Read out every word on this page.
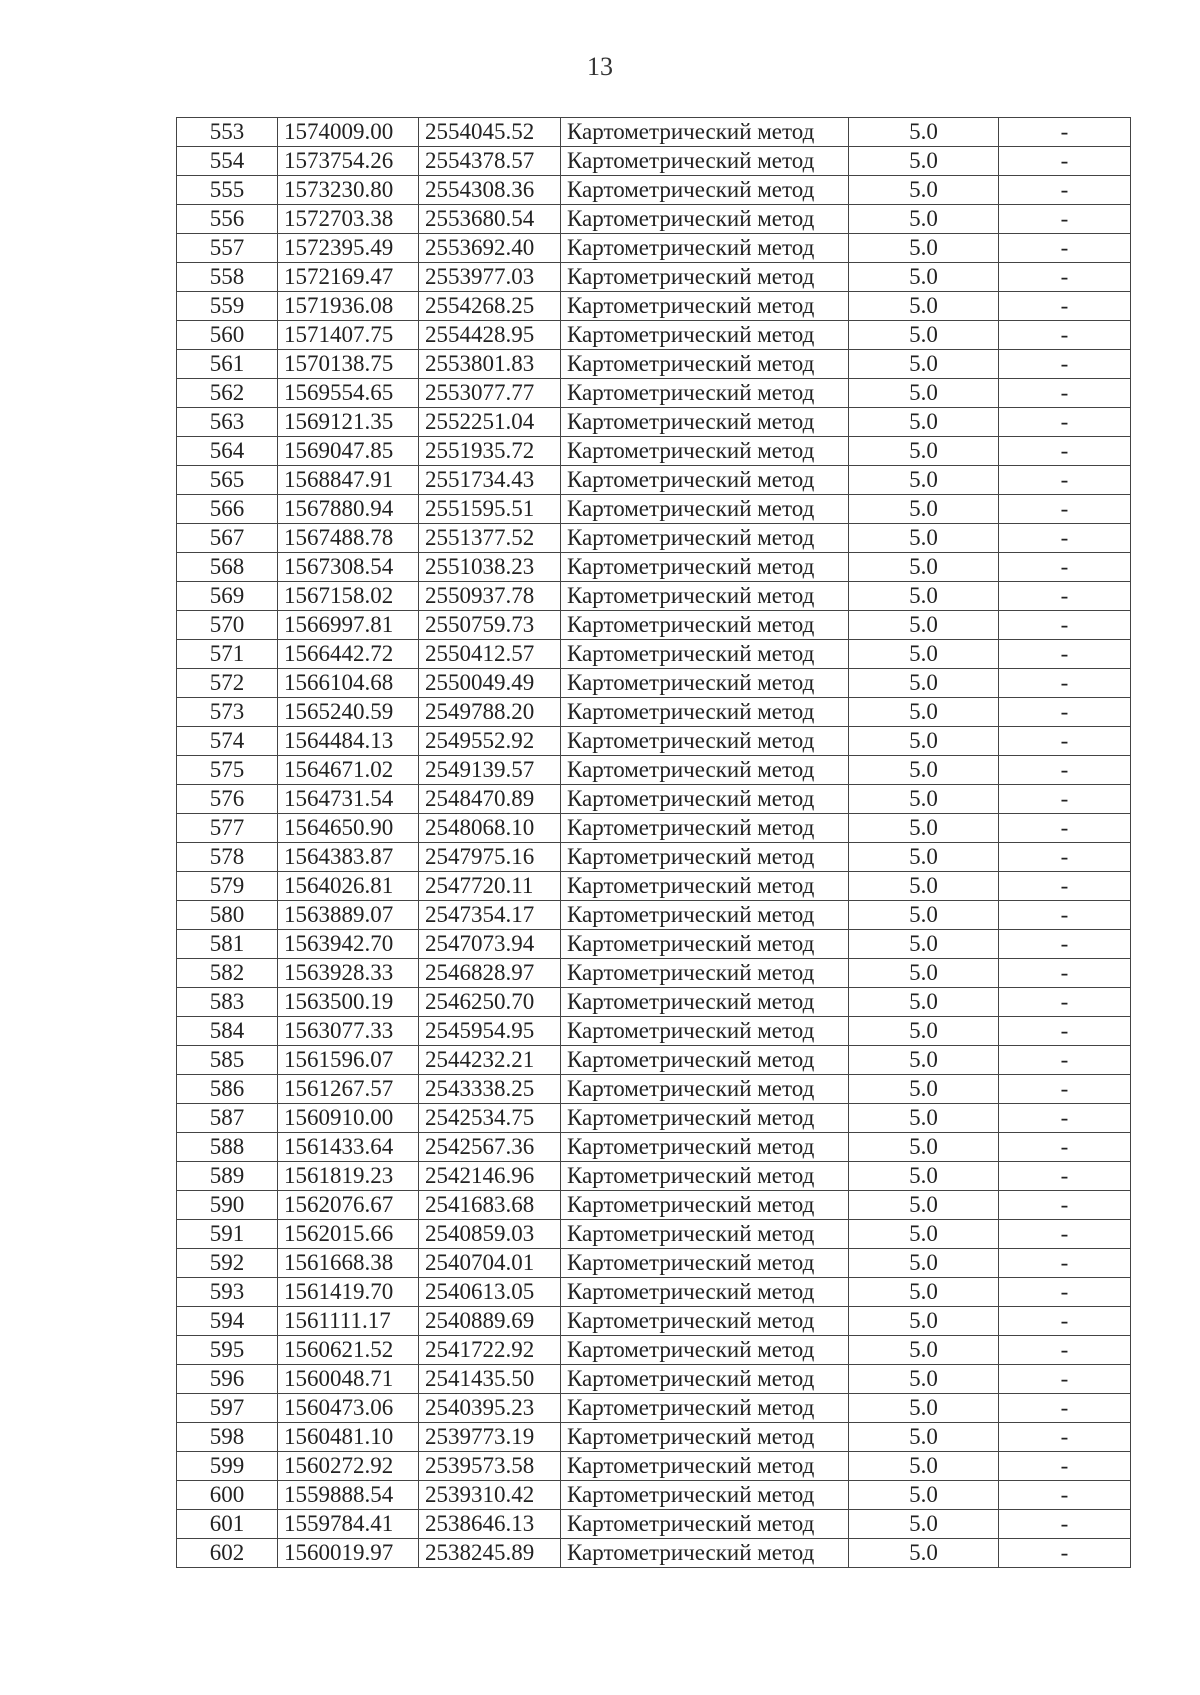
13
553	1574009.00	2554045.52	Картометрический метод	5.0	-
554	1573754.26	2554378.57	Картометрический метод	5.0	-
555	1573230.80	2554308.36	Картометрический метод	5.0	-
556	1572703.38	2553680.54	Картометрический метод	5.0	-
557	1572395.49	2553692.40	Картометрический метод	5.0	-
558	1572169.47	2553977.03	Картометрический метод	5.0	-
559	1571936.08	2554268.25	Картометрический метод	5.0	-
560	1571407.75	2554428.95	Картометрический метод	5.0	-
561	1570138.75	2553801.83	Картометрический метод	5.0	-
562	1569554.65	2553077.77	Картометрический метод	5.0	-
563	1569121.35	2552251.04	Картометрический метод	5.0	-
564	1569047.85	2551935.72	Картометрический метод	5.0	-
565	1568847.91	2551734.43	Картометрический метод	5.0	-
566	1567880.94	2551595.51	Картометрический метод	5.0	-
567	1567488.78	2551377.52	Картометрический метод	5.0	-
568	1567308.54	2551038.23	Картометрический метод	5.0	-
569	1567158.02	2550937.78	Картометрический метод	5.0	-
570	1566997.81	2550759.73	Картометрический метод	5.0	-
571	1566442.72	2550412.57	Картометрический метод	5.0	-
572	1566104.68	2550049.49	Картометрический метод	5.0	-
573	1565240.59	2549788.20	Картометрический метод	5.0	-
574	1564484.13	2549552.92	Картометрический метод	5.0	-
575	1564671.02	2549139.57	Картометрический метод	5.0	-
576	1564731.54	2548470.89	Картометрический метод	5.0	-
577	1564650.90	2548068.10	Картометрический метод	5.0	-
578	1564383.87	2547975.16	Картометрический метод	5.0	-
579	1564026.81	2547720.11	Картометрический метод	5.0	-
580	1563889.07	2547354.17	Картометрический метод	5.0	-
581	1563942.70	2547073.94	Картометрический метод	5.0	-
582	1563928.33	2546828.97	Картометрический метод	5.0	-
583	1563500.19	2546250.70	Картометрический метод	5.0	-
584	1563077.33	2545954.95	Картометрический метод	5.0	-
585	1561596.07	2544232.21	Картометрический метод	5.0	-
586	1561267.57	2543338.25	Картометрический метод	5.0	-
587	1560910.00	2542534.75	Картометрический метод	5.0	-
588	1561433.64	2542567.36	Картометрический метод	5.0	-
589	1561819.23	2542146.96	Картометрический метод	5.0	-
590	1562076.67	2541683.68	Картометрический метод	5.0	-
591	1562015.66	2540859.03	Картометрический метод	5.0	-
592	1561668.38	2540704.01	Картометрический метод	5.0	-
593	1561419.70	2540613.05	Картометрический метод	5.0	-
594	1561111.17	2540889.69	Картометрический метод	5.0	-
595	1560621.52	2541722.92	Картометрический метод	5.0	-
596	1560048.71	2541435.50	Картометрический метод	5.0	-
597	1560473.06	2540395.23	Картометрический метод	5.0	-
598	1560481.10	2539773.19	Картометрический метод	5.0	-
599	1560272.92	2539573.58	Картометрический метод	5.0	-
600	1559888.54	2539310.42	Картометрический метод	5.0	-
601	1559784.41	2538646.13	Картометрический метод	5.0	-
602	1560019.97	2538245.89	Картометрический метод	5.0	-
